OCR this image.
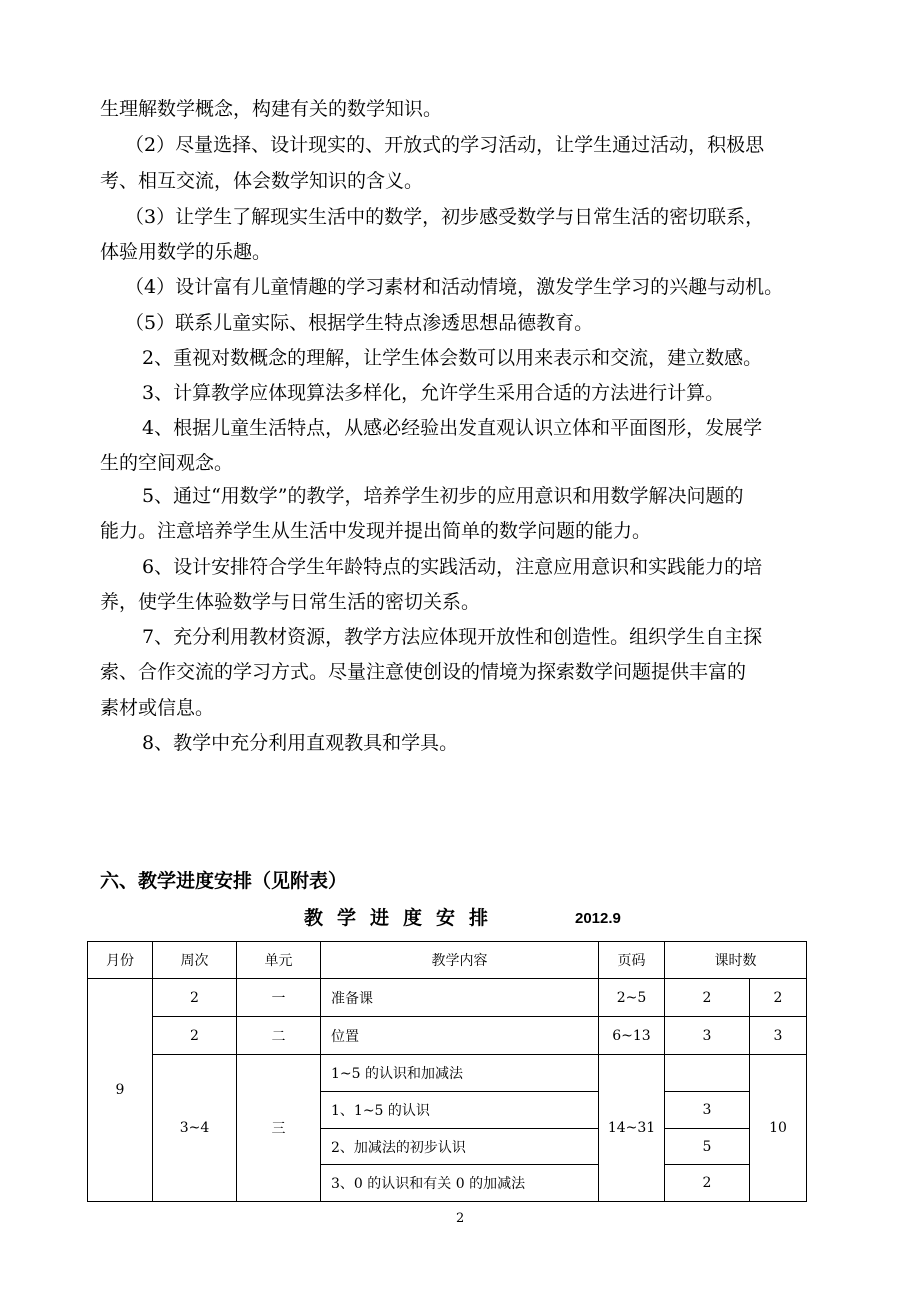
生理解数学概念，构建有关的数学知识。
（2）尽量选择、设计现实的、开放式的学习活动，让学生通过活动，积极思
考、相互交流，体会数学知识的含义。
（3）让学生了解现实生活中的数学，初步感受数学与日常生活的密切联系，
体验用数学的乐趣。
（4）设计富有儿童情趣的学习素材和活动情境，激发学生学习的兴趣与动机。
（5）联系儿童实际、根据学生特点渗透思想品德教育。
2、重视对数概念的理解，让学生体会数可以用来表示和交流，建立数感。
3、计算教学应体现算法多样化，允许学生采用合适的方法进行计算。
4、根据儿童生活特点，从感必经验出发直观认识立体和平面图形，发展学
生的空间观念。
5、通过“用数学”的教学，培养学生初步的应用意识和用数学解决问题的
能力。注意培养学生从生活中发现并提出简单的数学问题的能力。
6、设计安排符合学生年龄特点的实践活动，注意应用意识和实践能力的培
养，使学生体验数学与日常生活的密切关系。
7、充分利用教材资源，教学方法应体现开放性和创造性。组织学生自主探
索、合作交流的学习方式。尽量注意使创设的情境为探索数学问题提供丰富的
素材或信息。
8、教学中充分利用直观教具和学具。
六、教学进度安排（见附表）
教学进度安排	2012.9
月份	周次	单元	教学内容	页码	课时数	
9	2	一	准备课	2~5	2	2
	2	二	位置	6~13	3	3
	3~4	三	1~5 的认识和加减法	14~31		10
			1、1~5 的认识		3	
			2、加减法的初步认识		5	
			3、0 的认识和有关 0 的加减法		2	
2
